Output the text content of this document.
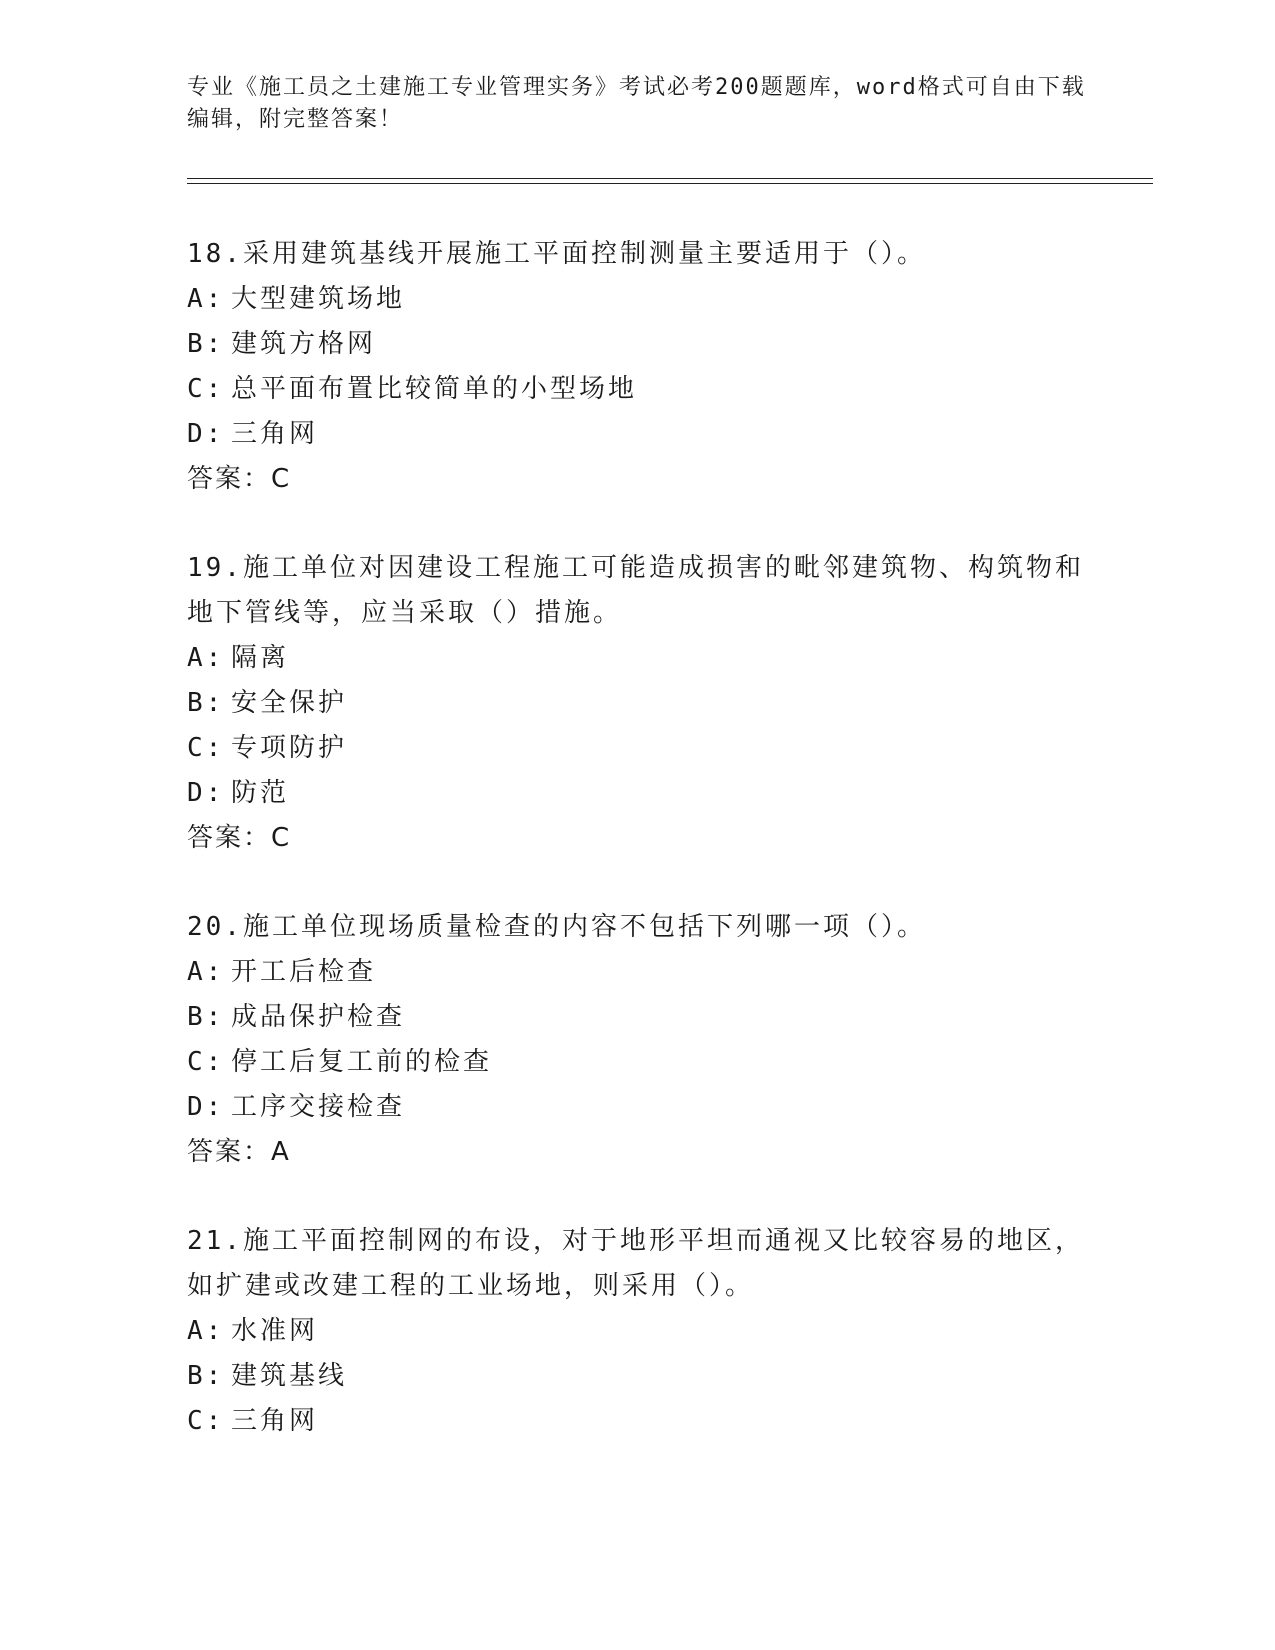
专业《施工员之土建施工专业管理实务》考试必考200题题库，word格式可自由下载编辑，附完整答案！
18.采用建筑基线开展施工平面控制测量主要适用于（）。
A: 大型建筑场地
B: 建筑方格网
C: 总平面布置比较简单的小型场地
D: 三角网
答案：C
19.施工单位对因建设工程施工可能造成损害的毗邻建筑物、构筑物和地下管线等，应当采取（）措施。
A: 隔离
B: 安全保护
C: 专项防护
D: 防范
答案：C
20.施工单位现场质量检查的内容不包括下列哪一项（）。
A: 开工后检查
B: 成品保护检查
C: 停工后复工前的检查
D: 工序交接检查
答案：A
21.施工平面控制网的布设，对于地形平坦而通视又比较容易的地区，如扩建或改建工程的工业场地，则采用（）。
A: 水准网
B: 建筑基线
C: 三角网
